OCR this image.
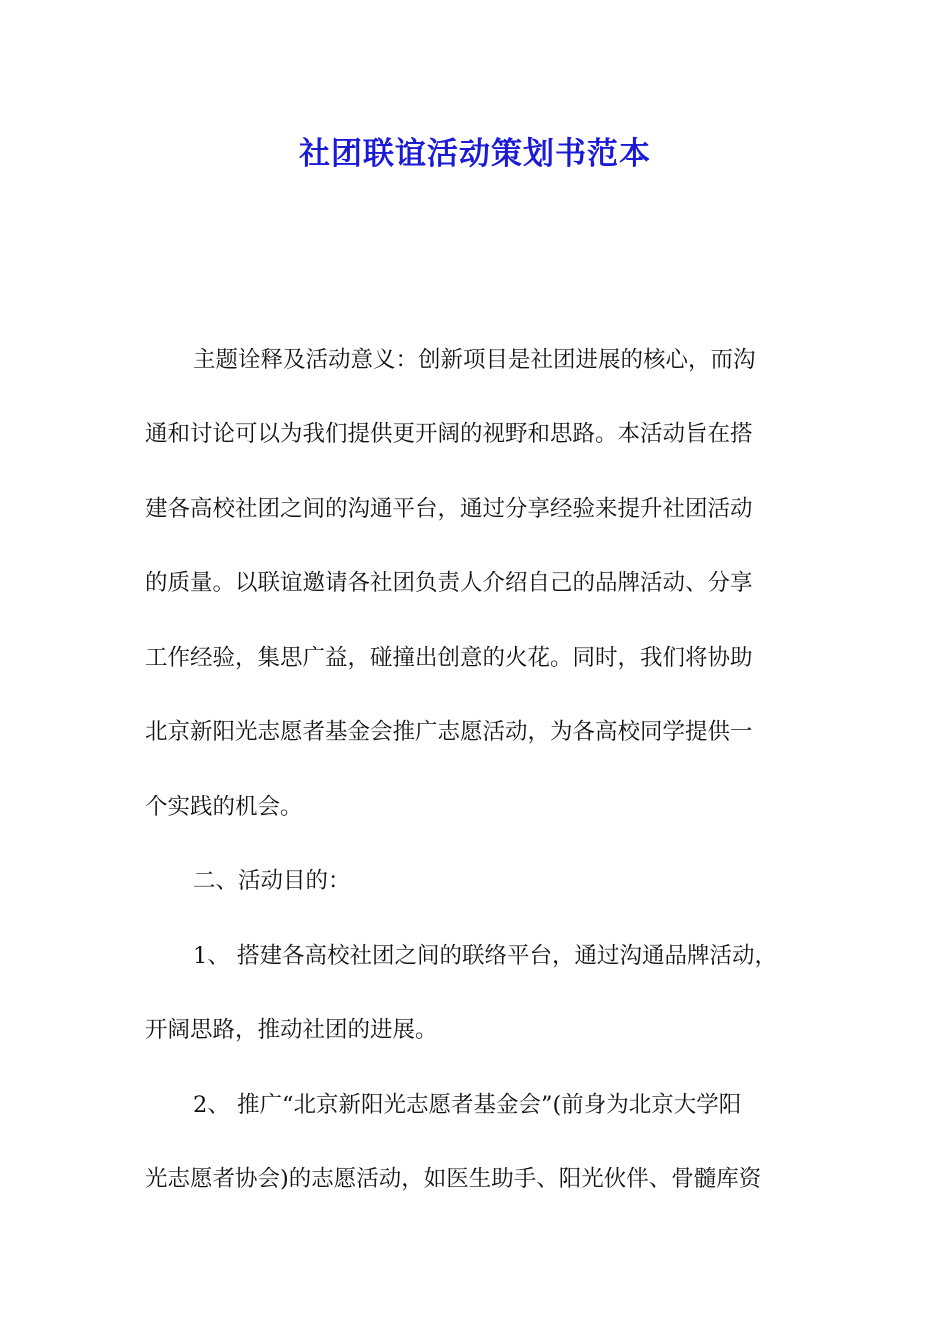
社团联谊活动策划书范本

主题诠释及活动意义：创新项目是社团进展的核心，而沟

通和讨论可以为我们提供更开阔的视野和思路。本活动旨在搭

建各高校社团之间的沟通平台，通过分享经验来提升社团活动

的质量。以联谊邀请各社团负责人介绍自己的品牌活动、分享

工作经验，集思广益，碰撞出创意的火花。同时，我们将协助

北京新阳光志愿者基金会推广志愿活动，为各高校同学提供一

个实践的机会。

二、活动目的：

1、 搭建各高校社团之间的联络平台，通过沟通品牌活动，

开阔思路，推动社团的进展。

2、 推广“北京新阳光志愿者基金会”(前身为北京大学阳

光志愿者协会)的志愿活动，如医生助手、阳光伙伴、骨髓库资
